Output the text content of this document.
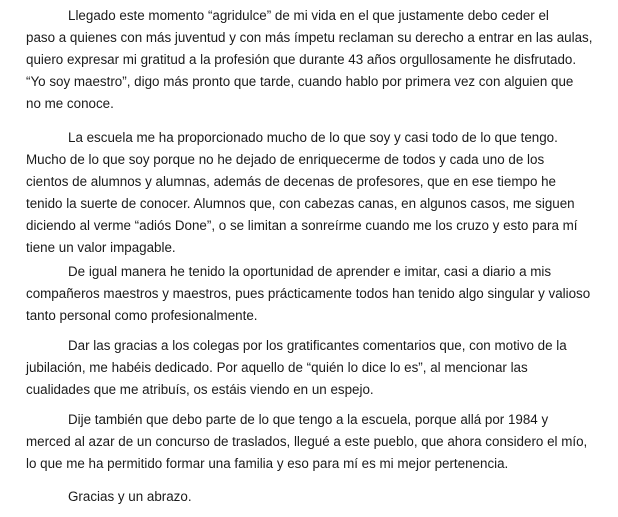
Llegado este momento “agridulce” de mi vida en el que justamente debo ceder el
paso a quienes con más juventud y con más ímpetu reclaman su derecho a entrar en las aulas,
quiero expresar mi gratitud a la profesión que durante 43 años orgullosamente he disfrutado.
“Yo soy maestro”, digo más pronto que tarde, cuando hablo por primera vez con alguien que
no me conoce.

La escuela me ha proporcionado mucho de lo que soy y casi todo de lo que tengo.
Mucho de lo que soy porque no he dejado de enriquecerme de todos y cada uno de los
cientos de alumnos y alumnas, además de decenas de profesores, que en ese tiempo he
tenido la suerte de conocer. Alumnos que, con cabezas canas, en algunos casos, me siguen
diciendo al verme “adiós Done”, o se limitan a sonreírme cuando me los cruzo y esto para mí
tiene un valor impagable.

De igual manera he tenido la oportunidad de aprender e imitar, casi a diario a mis
compañeros maestros y maestros, pues prácticamente todos han tenido algo singular y valioso
tanto personal como profesionalmente.

Dar las gracias a los colegas por los gratificantes comentarios que, con motivo de la
jubilación, me habéis dedicado. Por aquello de “quién lo dice lo es”, al mencionar las
cualidades que me atribuís, os estáis viendo en un espejo.

Dije también que debo parte de lo que tengo a la escuela, porque allá por 1984 y
merced al azar de un concurso de traslados, llegué a este pueblo, que ahora considero el mío,
lo que me ha permitido formar una familia y eso para mí es mi mejor pertenencia.

Gracias y un abrazo.
